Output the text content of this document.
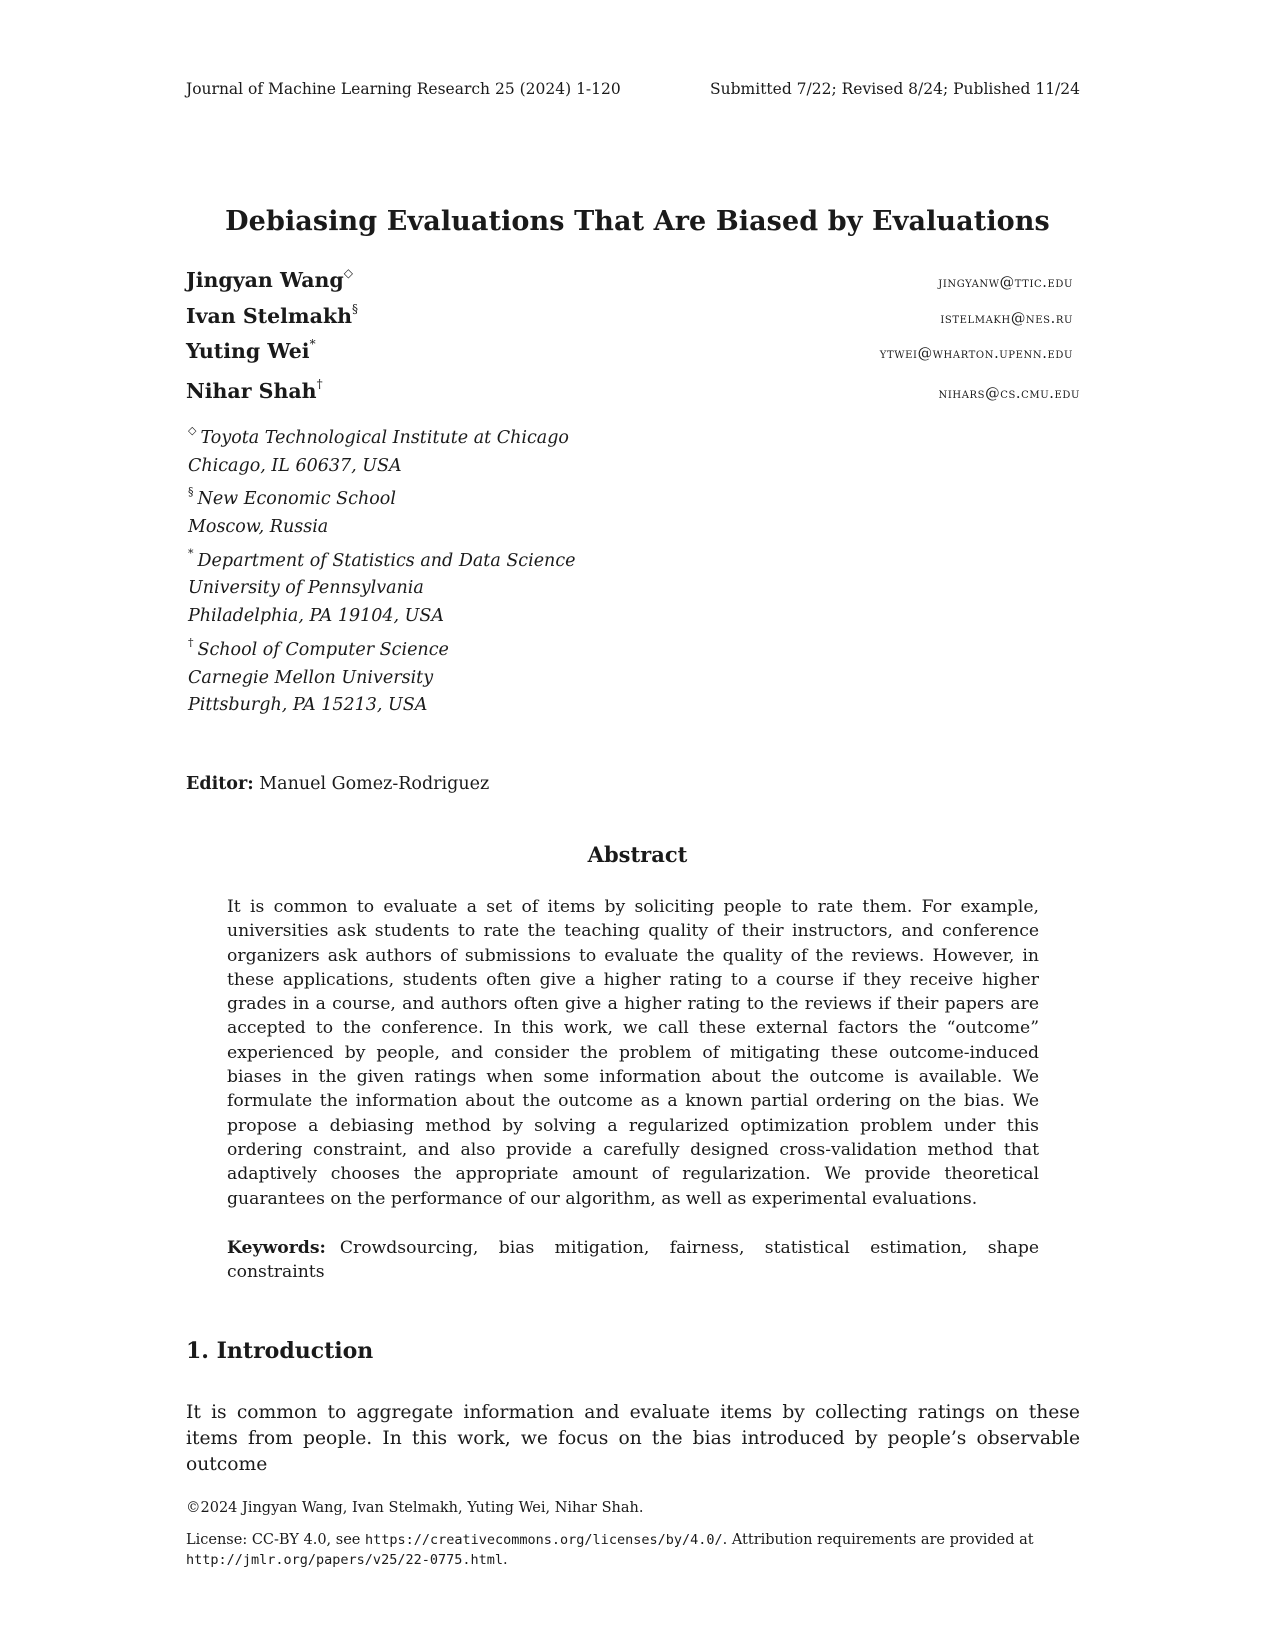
Journal of Machine Learning Research 25 (2024) 1-120	Submitted 7/22; Revised 8/24; Published 11/24
Debiasing Evaluations That Are Biased by Evaluations
Jingyan Wang◇
jingyanw@ttic.edu
Ivan Stelmakh§
istelmakh@nes.ru
Yuting Wei*
ytwei@wharton.upenn.edu
Nihar Shah†
nihars@cs.cmu.edu
◇ Toyota Technological Institute at Chicago
Chicago, IL 60637, USA
§ New Economic School
Moscow, Russia
* Department of Statistics and Data Science
University of Pennsylvania
Philadelphia, PA 19104, USA
† School of Computer Science
Carnegie Mellon University
Pittsburgh, PA 15213, USA
Editor: Manuel Gomez-Rodriguez
Abstract
It is common to evaluate a set of items by soliciting people to rate them. For example, universities ask students to rate the teaching quality of their instructors, and conference organizers ask authors of submissions to evaluate the quality of the reviews. However, in these applications, students often give a higher rating to a course if they receive higher grades in a course, and authors often give a higher rating to the reviews if their papers are accepted to the conference. In this work, we call these external factors the “outcome” experienced by people, and consider the problem of mitigating these outcome-induced biases in the given ratings when some information about the outcome is available. We formulate the information about the outcome as a known partial ordering on the bias. We propose a debiasing method by solving a regularized optimization problem under this ordering constraint, and also provide a carefully designed cross-validation method that adaptively chooses the appropriate amount of regularization. We provide theoretical guarantees on the performance of our algorithm, as well as experimental evaluations.
Keywords: Crowdsourcing, bias mitigation, fairness, statistical estimation, shape constraints
1. Introduction
It is common to aggregate information and evaluate items by collecting ratings on these items from people. In this work, we focus on the bias introduced by people’s observable outcome
©2024 Jingyan Wang, Ivan Stelmakh, Yuting Wei, Nihar Shah.
License: CC-BY 4.0, see https://creativecommons.org/licenses/by/4.0/. Attribution requirements are provided at http://jmlr.org/papers/v25/22-0775.html.
